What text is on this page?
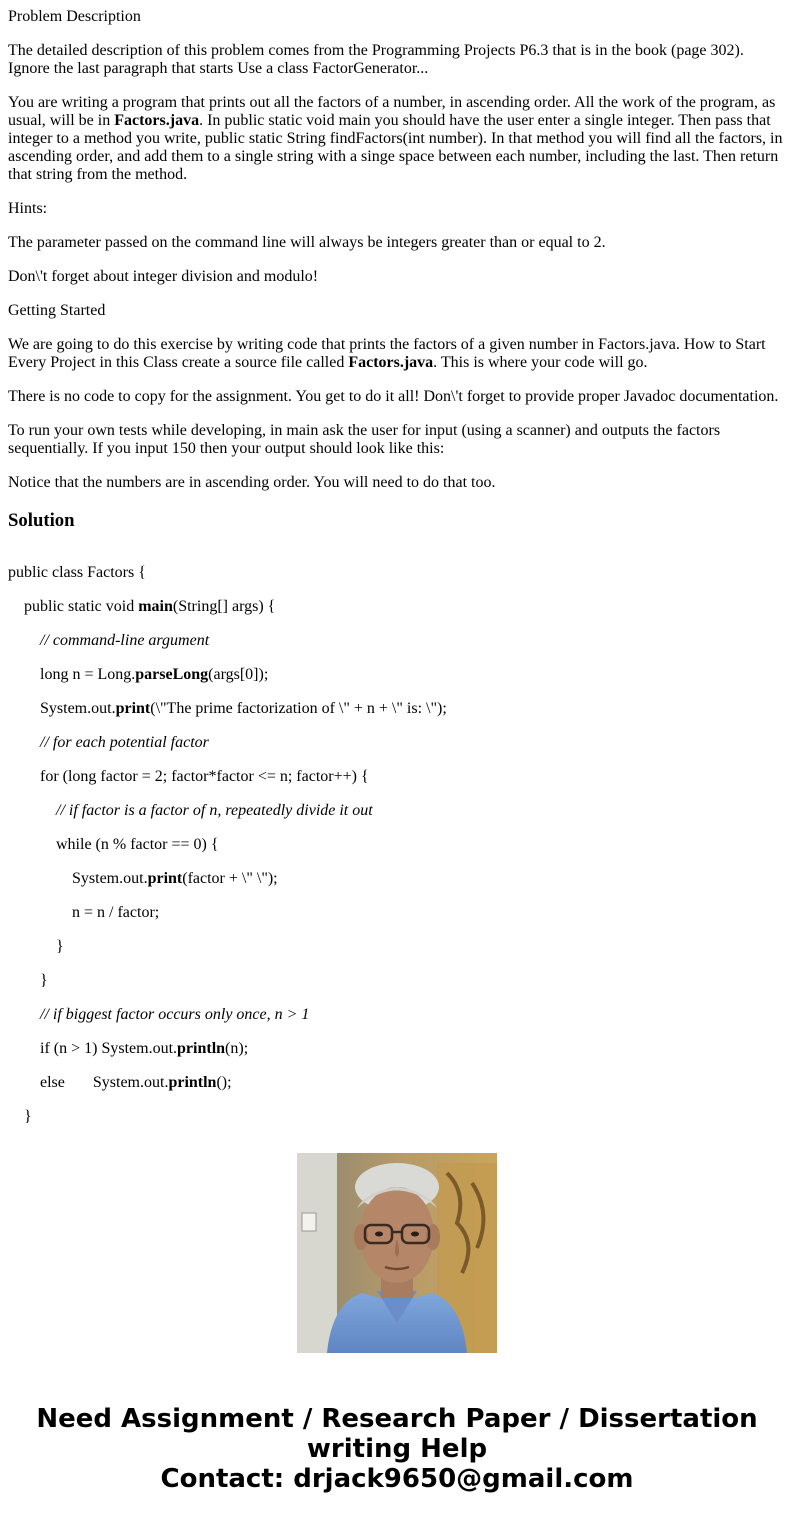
Problem Description

The detailed description of this problem comes from the Programming Projects P6.3 that is in the book (page 302). Ignore the last paragraph that starts Use a class FactorGenerator...

You are writing a program that prints out all the factors of a number, in ascending order. All the work of the program, as usual, will be in Factors.java. In public static void main you should have the user enter a single integer. Then pass that integer to a method you write, public static String findFactors(int number). In that method you will find all the factors, in ascending order, and add them to a single string with a singe space between each number, including the last. Then return that string from the method.

Hints:

The parameter passed on the command line will always be integers greater than or equal to 2.

Don\'t forget about integer division and modulo!

Getting Started

We are going to do this exercise by writing code that prints the factors of a given number in Factors.java. How to Start Every Project in this Class create a source file called Factors.java. This is where your code will go.

There is no code to copy for the assignment. You get to do it all! Don\'t forget to provide proper Javadoc documentation.

To run your own tests while developing, in main ask the user for input (using a scanner) and outputs the factors sequentially. If you input 150 then your output should look like this:

Notice that the numbers are in ascending order. You will need to do that too.

Solution
public class Factors {
public static void main(String[] args) {
// command-line argument
long n = Long.parseLong(args[0]);
System.out.print(\"The prime factorization of \" + n + \" is: \");
// for each potential factor
for (long factor = 2; factor*factor <= n; factor++) {
// if factor is a factor of n, repeatedly divide it out
while (n % factor == 0) {
System.out.print(factor + \" \");
n = n / factor;
}
}
// if biggest factor occurs only once, n > 1
if (n > 1) System.out.println(n);
else       System.out.println();
}
Need Assignment / Research Paper / Dissertation
writing Help
Contact: drjack9650@gmail.com
